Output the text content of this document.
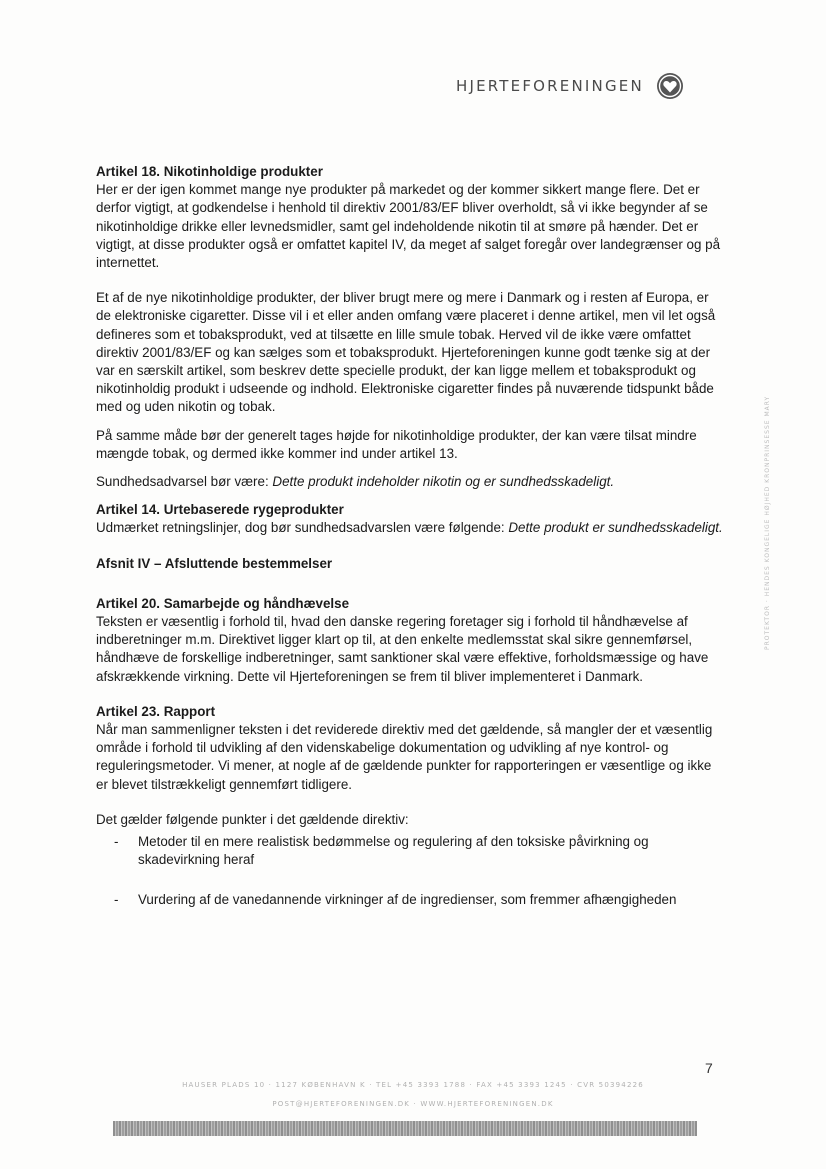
HJERTEFORENINGEN

Artikel 18. Nikotinholdige produkter

Her er der igen kommet mange nye produkter på markedet og der kommer sikkert mange flere. Det er derfor vigtigt, at godkendelse i henhold til direktiv 2001/83/EF bliver overholdt, så vi ikke begynder af se nikotinholdige drikke eller levnedsmidler, samt gel indeholdende nikotin til at smøre på hænder. Det er vigtigt, at disse produkter også er omfattet kapitel IV, da meget af salget foregår over landegrænser og på internettet.

Et af de nye nikotinholdige produkter, der bliver brugt mere og mere i Danmark og i resten af Europa, er de elektroniske cigaretter. Disse vil i et eller anden omfang være placeret i denne artikel, men vil let også defineres som et tobaksprodukt, ved at tilsætte en lille smule tobak. Herved vil de ikke være omfattet direktiv 2001/83/EF og kan sælges som et tobaksprodukt. Hjerteforeningen kunne godt tænke sig at der var en særskilt artikel, som beskrev dette specielle produkt, der kan ligge mellem et tobaksprodukt og nikotinholdig produkt i udseende og indhold. Elektroniske cigaretter findes på nuværende tidspunkt både med og uden nikotin og tobak.

På samme måde bør der generelt tages højde for nikotinholdige produkter, der kan være tilsat mindre mængde tobak, og dermed ikke kommer ind under artikel 13.

Sundhedsadvarsel bør være: Dette produkt indeholder nikotin og er sundhedsskadeligt.

Artikel 14. Urtebaserede rygeprodukter

Udmærket retningslinjer, dog bør sundhedsadvarslen være følgende: Dette produkt er sundhedsskadeligt.

Afsnit IV – Afsluttende bestemmelser

Artikel 20. Samarbejde og håndhævelse

Teksten er væsentlig i forhold til, hvad den danske regering foretager sig i forhold til håndhævelse af indberetninger m.m. Direktivet ligger klart op til, at den enkelte medlemsstat skal sikre gennemførsel, håndhæve de forskellige indberetninger, samt sanktioner skal være effektive, forholdsmæssige og have afskrækkende virkning. Dette vil Hjerteforeningen se frem til bliver implementeret i Danmark.

Artikel 23. Rapport

Når man sammenligner teksten i det reviderede direktiv med det gældende, så mangler der et væsentlig område i forhold til udvikling af den videnskabelige dokumentation og udvikling af nye kontrol- og reguleringsmetoder. Vi mener, at nogle af de gældende punkter for rapporteringen er væsentlige og ikke er blevet tilstrækkeligt gennemført tidligere.

Det gælder følgende punkter i det gældende direktiv:

- Metoder til en mere realistisk bedømmelse og regulering af den toksiske påvirkning og skadevirkning heraf
- Vurdering af de vanedannende virkninger af de ingredienser, som fremmer afhængigheden
7
HAUSER PLADS 10 · 1127 KØBENHAVN K · TEL +45 3393 1788 · FAX +45 3393 1245 · CVR 50394226
POST@HJERTEFORENINGEN.DK · WWW.HJERTEFORENINGEN.DK
PROTEKTOR · HENDES KONGELIGE HØJHED KRONPRINSESSE MARY
